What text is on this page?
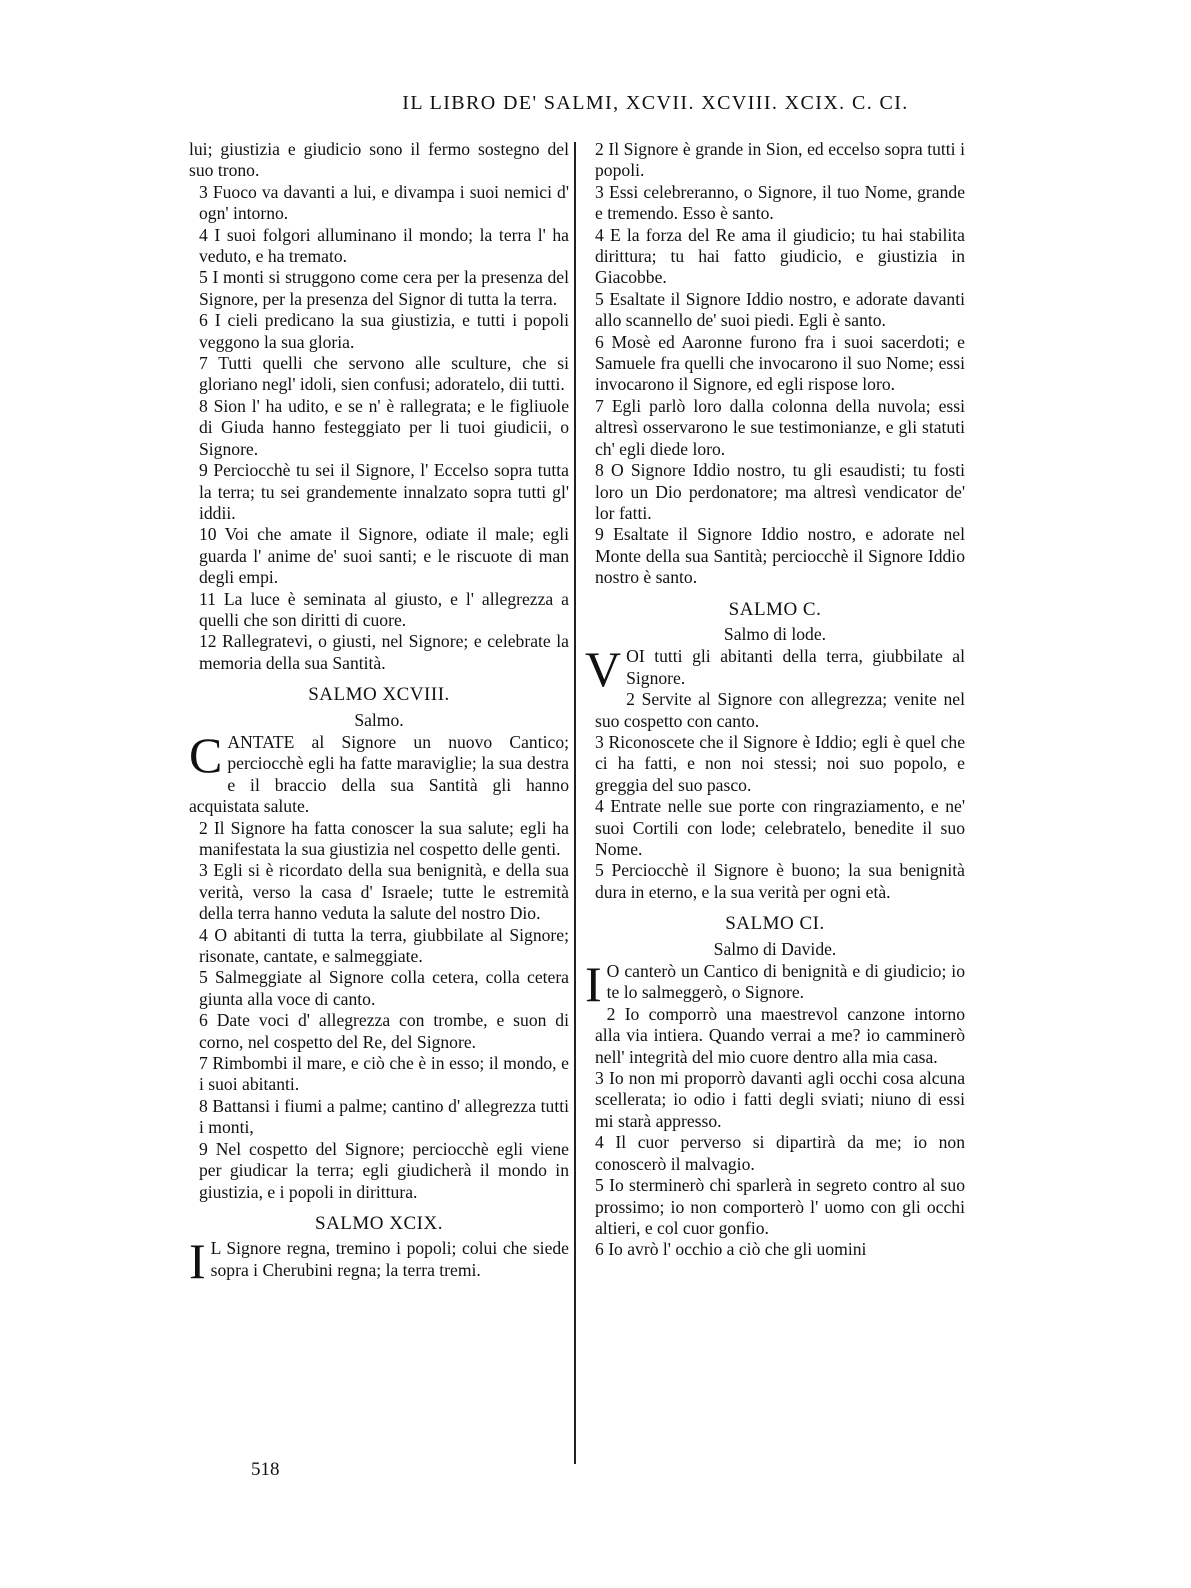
IL LIBRO DE' SALMI, XCVII. XCVIII. XCIX. C. CI.

lui; giustizia e giudicio sono il fermo sostegno del suo trono.

3 Fuoco va davanti a lui, e divampa i suoi nemici d' ogn' intorno.

4 I suoi folgori alluminano il mondo; la terra l' ha veduto, e ha tremato.

5 I monti si struggono come cera per la presenza del Signore, per la presenza del Signor di tutta la terra.

6 I cieli predicano la sua giustizia, e tutti i popoli veggono la sua gloria.

7 Tutti quelli che servono alle sculture, che si gloriano negl' idoli, sien confusi; adoratelo, dii tutti.

8 Sion l' ha udito, e se n' è rallegrata; e le figliuole di Giuda hanno festeggiato per li tuoi giudicii, o Signore.

9 Perciocchè tu sei il Signore, l' Eccelso sopra tutta la terra; tu sei grandemente innalzato sopra tutti gl' iddii.

10 Voi che amate il Signore, odiate il male; egli guarda l' anime de' suoi santi; e le riscuote di man degli empi.

11 La luce è seminata al giusto, e l' allegrezza a quelli che son diritti di cuore.

12 Rallegratevi, o giusti, nel Signore; e celebrate la memoria della sua Santità.

SALMO XCVIII.
Salmo.

CANTATE al Signore un nuovo Cantico; perciocchè egli ha fatte maraviglie; la sua destra e il braccio della sua Santità gli hanno acquistata salute.

2 Il Signore ha fatta conoscer la sua salute; egli ha manifestata la sua giustizia nel cospetto delle genti.

3 Egli si è ricordato della sua benignità, e della sua verità, verso la casa d' Israele; tutte le estremità della terra hanno veduta la salute del nostro Dio.

4 O abitanti di tutta la terra, giubbilate al Signore; risonate, cantate, e salmeggiate.

5 Salmeggiate al Signore colla cetera, colla cetera giunta alla voce di canto.

6 Date voci d' allegrezza con trombe, e suon di corno, nel cospetto del Re, del Signore.

7 Rimbombi il mare, e ciò che è in esso; il mondo, e i suoi abitanti.

8 Battansi i fiumi a palme; cantino d' allegrezza tutti i monti,

9 Nel cospetto del Signore; perciocchè egli viene per giudicar la terra; egli giudicherà il mondo in giustizia, e i popoli in dirittura.

SALMO XCIX.

I L Signore regna, tremino i popoli; colui che siede sopra i Cherubini regna; la terra tremi.

2 Il Signore è grande in Sion, ed eccelso sopra tutti i popoli.

3 Essi celebreranno, o Signore, il tuo Nome, grande e tremendo. Esso è santo.

4 E la forza del Re ama il giudicio; tu hai stabilita dirittura; tu hai fatto giudicio, e giustizia in Giacobbe.

5 Esaltate il Signore Iddio nostro, e adorate davanti allo scannello de' suoi piedi. Egli è santo.

6 Mosè ed Aaronne furono fra i suoi sacerdoti; e Samuele fra quelli che invocarono il suo Nome; essi invocarono il Signore, ed egli rispose loro.

7 Egli parlò loro dalla colonna della nuvola; essi altresì osservarono le sue testimonianze, e gli statuti ch' egli diede loro.

8 O Signore Iddio nostro, tu gli esaudisti; tu fosti loro un Dio perdonatore; ma altresì vendicator de' lor fatti.

9 Esaltate il Signore Iddio nostro, e adorate nel Monte della sua Santità; perciocchè il Signore Iddio nostro è santo.

SALMO C.
Salmo di lode.

VOI tutti gli abitanti della terra, giubbilate al Signore.

2 Servite al Signore con allegrezza; venite nel suo cospetto con canto.

3 Riconoscete che il Signore è Iddio; egli è quel che ci ha fatti, e non noi stessi; noi suo popolo, e greggia del suo pasco.

4 Entrate nelle sue porte con ringraziamento, e ne' suoi Cortili con lode; celebratelo, benedite il suo Nome.

5 Perciocchè il Signore è buono; la sua benignità dura in eterno, e la sua verità per ogni età.

SALMO CI.
Salmo di Davide.

I O canterò un Cantico di benignità e di giudicio; io te lo salmeggerò, o Signore.

2 Io comporrò una maestrevol canzone intorno alla via intiera. Quando verrai a me? io camminerò nell' integrità del mio cuore dentro alla mia casa.

3 Io non mi proporrò davanti agli occhi cosa alcuna scellerata; io odio i fatti degli sviati; niuno di essi mi starà appresso.

4 Il cuor perverso si dipartirà da me; io non conoscerò il malvagio.

5 Io sterminerò chi sparlerà in segreto contro al suo prossimo; io non comporterò l' uomo con gli occhi altieri, e col cuor gonfio.

6 Io avrò l' occhio a ciò che gli uomini

518
